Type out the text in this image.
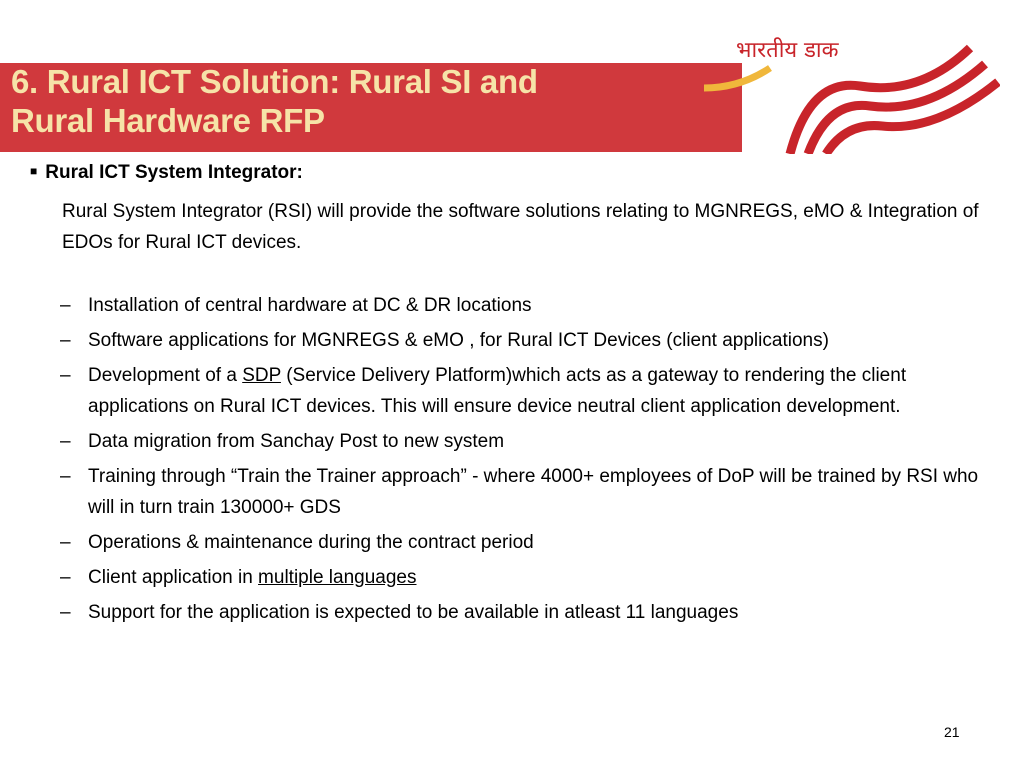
भारतीय डाक
6. Rural ICT Solution: Rural SI and
Rural Hardware RFP
■ Rural ICT System Integrator:
Rural System Integrator (RSI) will provide the software solutions relating to MGNREGS, eMO & Integration of EDOs for Rural ICT devices.
– Installation of central hardware at DC & DR locations
– Software applications for MGNREGS & eMO , for Rural ICT Devices (client applications)
– Development of a SDP (Service Delivery Platform)which acts as a gateway to rendering the client applications on Rural ICT devices. This will ensure device neutral client application development.
– Data migration from Sanchay Post to new system
– Training through “Train the Trainer approach” - where 4000+ employees of DoP will be trained by RSI who will in turn train 130000+ GDS
– Operations & maintenance during the contract period
– Client application in multiple languages
– Support for the application is expected to be available in atleast 11 languages
21
